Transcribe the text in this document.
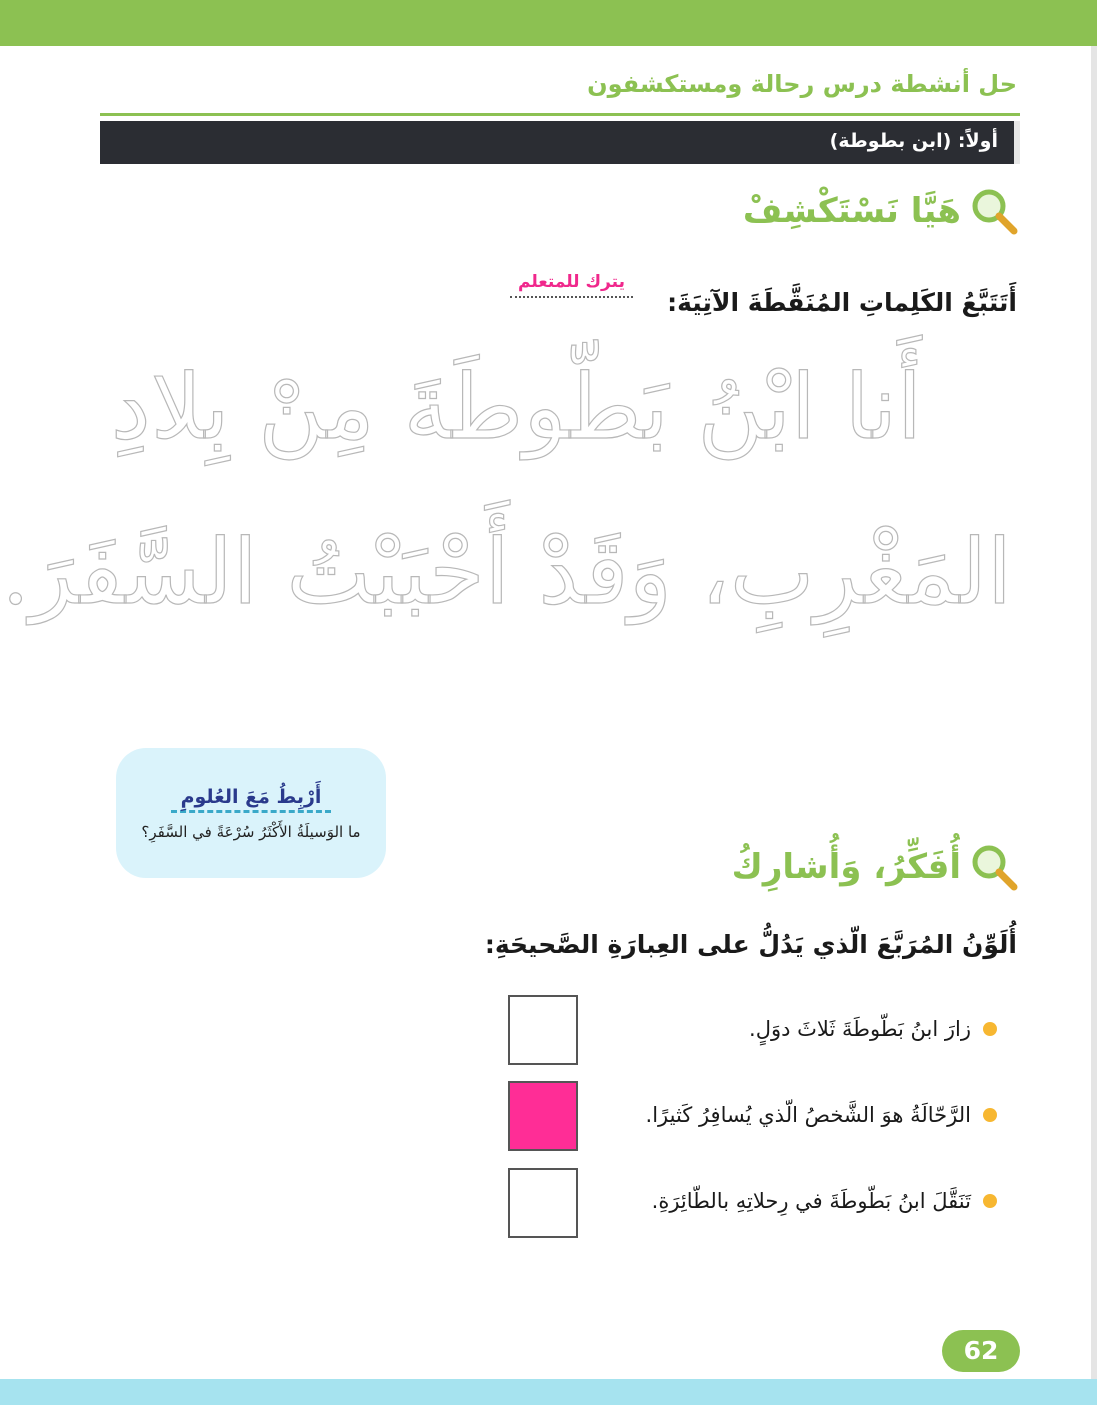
حل أنشطة درس رحالة ومستكشفون
أولاً: (ابن بطوطة)
هَيَّا نَسْتَكْشِفْ
أَتَتَبَّعُ الكَلِماتِ المُنَقَّطَةَ الآتِيَةَ:
يترك للمتعلم
أَنا ابْنُ بَطّوطَةَ مِنْ بِلادِ
المَغْرِبِ، وَقَدْ أَحْبَبْتُ السَّفَرَ.
أَرْبِطُ مَعَ العُلومِ
ما الوَسيلَةُ الأَكْثَرُ سُرْعَةً في السَّفَرِ؟
أُفَكِّرُ، وَأُشارِكُ
أُلَوِّنُ المُرَبَّعَ الّذي يَدُلُّ على العِبارَةِ الصَّحيحَةِ:
زارَ ابنُ بَطّوطَةَ ثَلاثَ دوَلٍ.
الرَّحّالَةُ هوَ الشَّخصُ الّذي يُسافِرُ كَثيرًا.
تَنَقَّلَ ابنُ بَطّوطَةَ في رِحلاتِهِ بالطّائِرَةِ.
62
